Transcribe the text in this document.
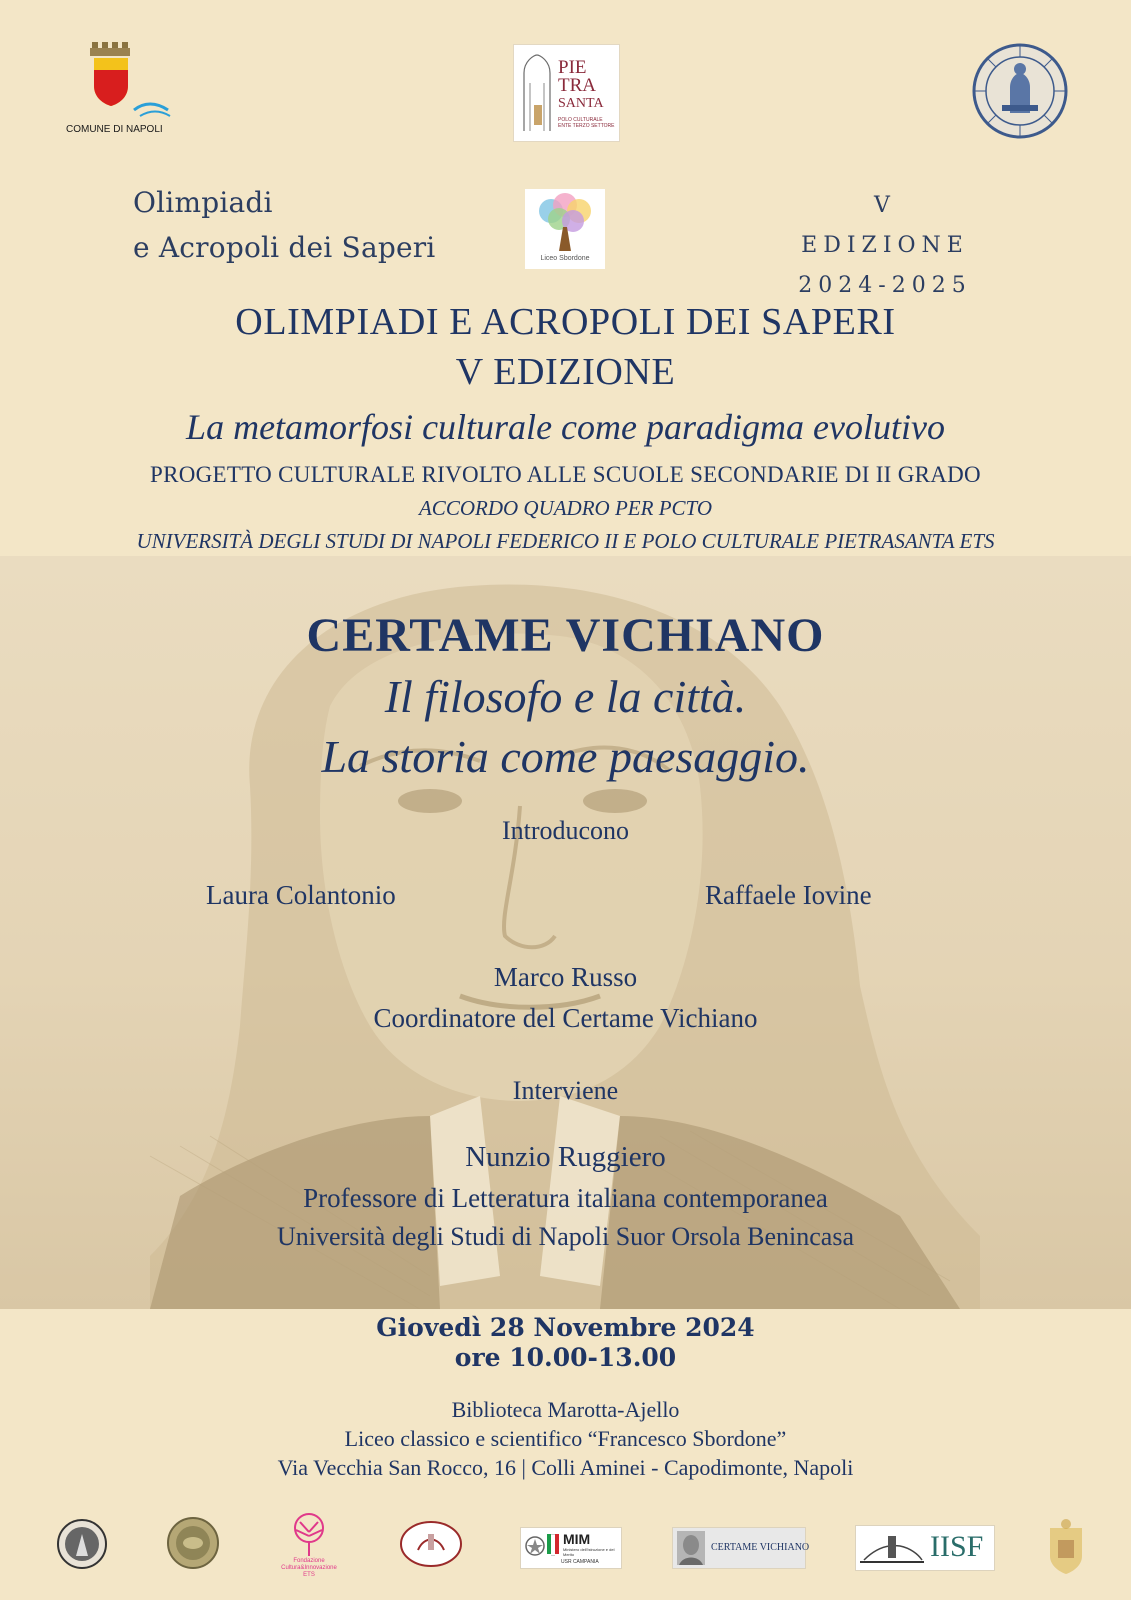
COMUNE DI NAPOLI
PIE
TRA
SANTA
POLO CULTURALE
ENTE TERZO SETTORE
Olimpiadi
e Acropoli dei Saperi	Liceo Sbordone
V EDIZIONE
2024-2025
OLIMPIADI E ACROPOLI DEI SAPERI
V EDIZIONE
La metamorfosi culturale come paradigma evolutivo
PROGETTO CULTURALE RIVOLTO ALLE SCUOLE SECONDARIE DI II GRADO
ACCORDO QUADRO PER PCTO
UNIVERSITÀ DEGLI STUDI DI NAPOLI FEDERICO II E POLO CULTURALE PIETRASANTA ETS
CERTAME VICHIANO
Il filosofo e la città.
La storia come paesaggio.
Introducono
Laura Colantonio	Raffaele Iovine
Marco Russo
Coordinatore del Certame Vichiano
Interviene
Nunzio Ruggiero
Professore di Letteratura italiana contemporanea
Università degli Studi di Napoli Suor Orsola Benincasa
Giovedì 28 Novembre 2024
ore 10.00-13.00
Biblioteca Marotta-Ajello
Liceo classico e scientifico “Francesco Sbordone”
Via Vecchia San Rocco, 16 | Colli Aminei - Capodimonte, Napoli
Fondazione Cultura&Innovazione ETS
MIM
Ministero dell'Istruzione e del Merito
USR CAMPANIA
CERTAME VICHIANO	IISF
